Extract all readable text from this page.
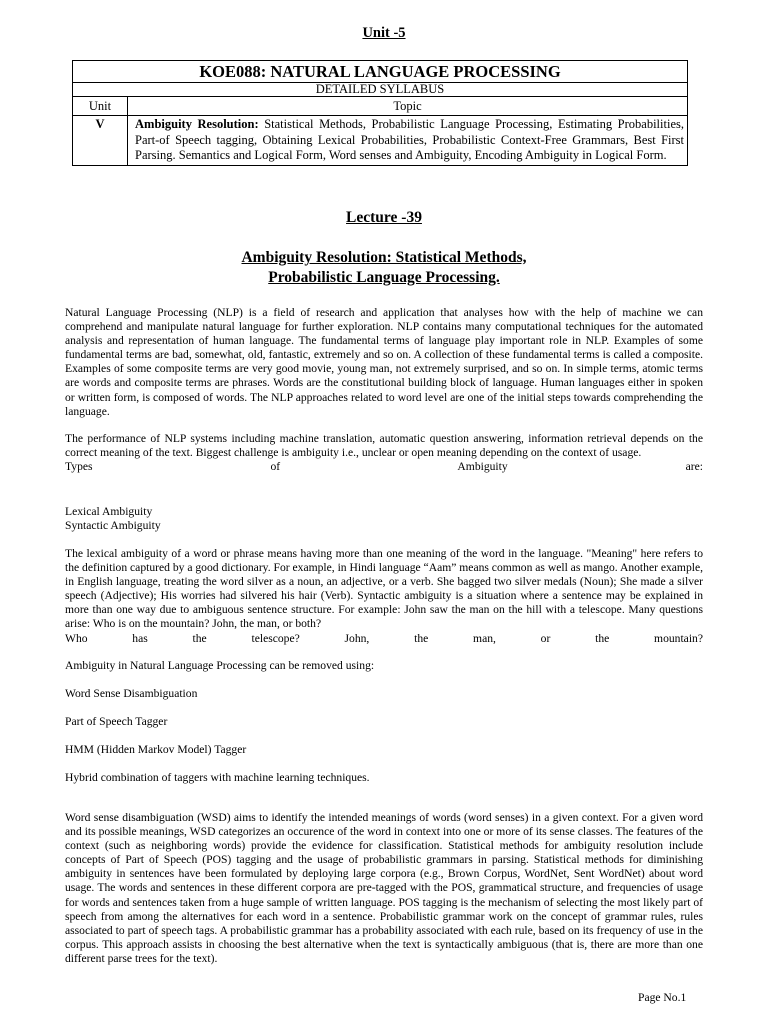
Unit -5
KOE088: NATURAL LANGUAGE PROCESSING	
DETAILED SYLLABUS	
Unit	Topic
V	Ambiguity Resolution: Statistical Methods, Probabilistic Language Processing, Estimating Probabilities, Part-of Speech tagging, Obtaining Lexical Probabilities, Probabilistic Context-Free Grammars, Best First Parsing. Semantics and Logical Form, Word senses and Ambiguity, Encoding Ambiguity in Logical Form.
Lecture -39
Ambiguity Resolution: Statistical Methods,
Probabilistic Language Processing.

Natural Language Processing (NLP) is a field of research and application that analyses how with the help of machine we can comprehend and manipulate natural language for further exploration. NLP contains many computational techniques for the automated analysis and representation of human language. The fundamental terms of language play important role in NLP. Examples of some fundamental terms are bad, somewhat, old, fantastic, extremely and so on. A collection of these fundamental terms is called a composite. Examples of some composite terms are very good movie, young man, not extremely surprised, and so on. In simple terms, atomic terms are words and composite terms are phrases. Words are the constitutional building block of language. Human languages either in spoken or written form, is composed of words. The NLP approaches related to word level are one of the initial steps towards comprehending the language.

The performance of NLP systems including machine translation, automatic question answering, information retrieval depends on the correct meaning of the text. Biggest challenge is ambiguity i.e., unclear or open meaning depending on the context of usage.

Types of Ambiguity are:

Lexical Ambiguity

Syntactic Ambiguity

The lexical ambiguity of a word or phrase means having more than one meaning of the word in the language. "Meaning" here refers to the definition captured by a good dictionary. For example, in Hindi language “Aam” means common as well as mango. Another example, in English language, treating the word silver as a noun, an adjective, or a verb. She bagged two silver medals (Noun); She made a silver speech (Adjective); His worries had silvered his hair (Verb). Syntactic ambiguity is a situation where a sentence may be explained in more than one way due to ambiguous sentence structure. For example: John saw the man on the hill with a telescope. Many questions arise: Who is on the mountain? John, the man, or both?

Who has the telescope? John, the man, or the mountain?

Ambiguity in Natural Language Processing can be removed using:

Word Sense Disambiguation

Part of Speech Tagger

HMM (Hidden Markov Model) Tagger

Hybrid combination of taggers with machine learning techniques.

Word sense disambiguation (WSD) aims to identify the intended meanings of words (word senses) in a given context. For a given word and its possible meanings, WSD categorizes an occurence of the word in context into one or more of its sense classes. The features of the context (such as neighboring words) provide the evidence for classification. Statistical methods for ambiguity resolution include concepts of Part of Speech (POS) tagging and the usage of probabilistic grammars in parsing. Statistical methods for diminishing ambiguity in sentences have been formulated by deploying large corpora (e.g., Brown Corpus, WordNet, Sent WordNet) about word usage. The words and sentences in these different corpora are pre-tagged with the POS, grammatical structure, and frequencies of usage for words and sentences taken from a huge sample of written language. POS tagging is the mechanism of selecting the most likely part of speech from among the alternatives for each word in a sentence. Probabilistic grammar work on the concept of grammar rules, rules associated to part of speech tags. A probabilistic grammar has a probability associated with each rule, based on its frequency of use in the corpus. This approach assists in choosing the best alternative when the text is syntactically ambiguous (that is, there are more than one different parse trees for the text).

Page No.1
